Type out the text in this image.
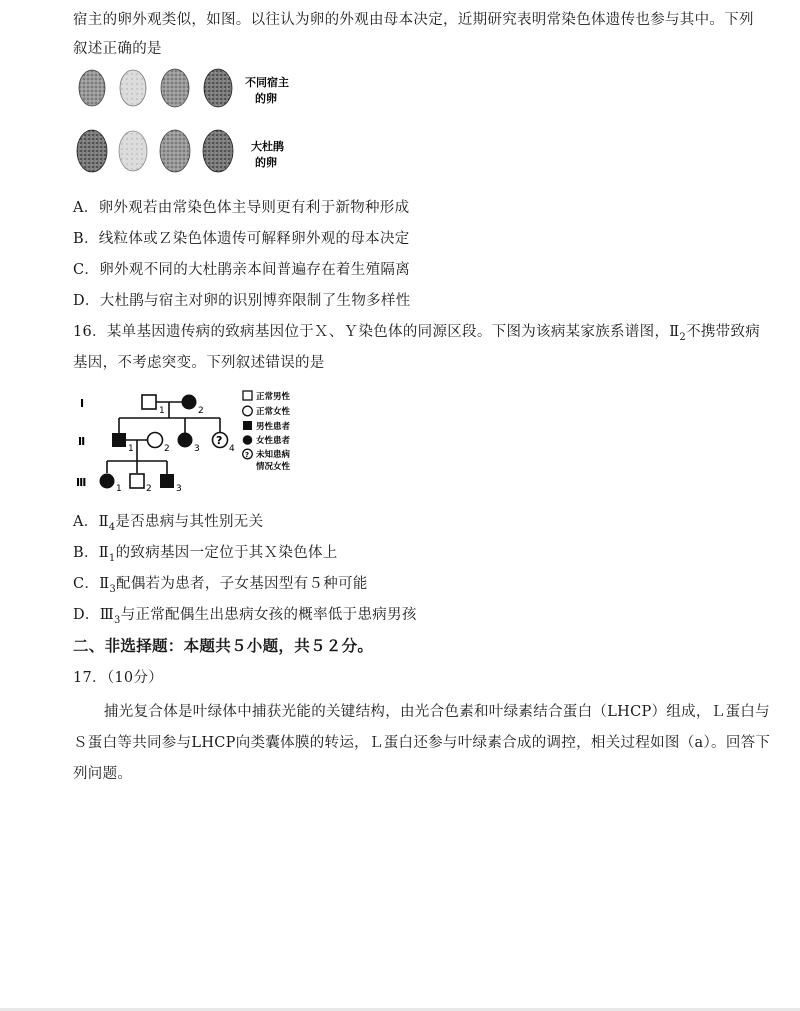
宿主的卵外观类似，如图。以往认为卵的外观由母本决定，近期研究表明常染色体遗传也参与其中。下列
叙述正确的是
不同宿主
的卵
大杜鹃
的卵
A．卵外观若由常染色体主导则更有利于新物种形成
B．线粒体或Ｚ染色体遗传可解释卵外观的母本决定
C．卵外观不同的大杜鹃亲本间普遍存在着生殖隔离
D．大杜鹃与宿主对卵的识别博弈限制了生物多样性
16．某单基因遗传病的致病基因位于Ｘ、Ｙ染色体的同源区段。下图为该病某家族系谱图，$Ⅱ_2$不携带致病
基因，不考虑突变。下列叙述错误的是
Ⅰ
Ⅱ
Ⅲ
1	2
1	2	3
?
4
1	2	3
正常男性
正常女性
男性患者
女性患者
? 未知患病
情况女性
A．$Ⅱ_4$是否患病与其性别无关
B．$Ⅱ_1$的致病基因一定位于其Ｘ染色体上
C．$Ⅱ_3$配偶若为患者，子女基因型有５种可能
D．$Ⅲ_3$与正常配偶生出患病女孩的概率低于患病男孩
二、非选择题：本题共５小题，共５２分。
17．（10分）
捕光复合体是叶绿体中捕获光能的关键结构，由光合色素和叶绿素结合蛋白（LHCP）组成，Ｌ蛋白与
Ｓ蛋白等共同参与LHCP向类囊体膜的转运，Ｌ蛋白还参与叶绿素合成的调控，相关过程如图（a）。回答下
列问题。
